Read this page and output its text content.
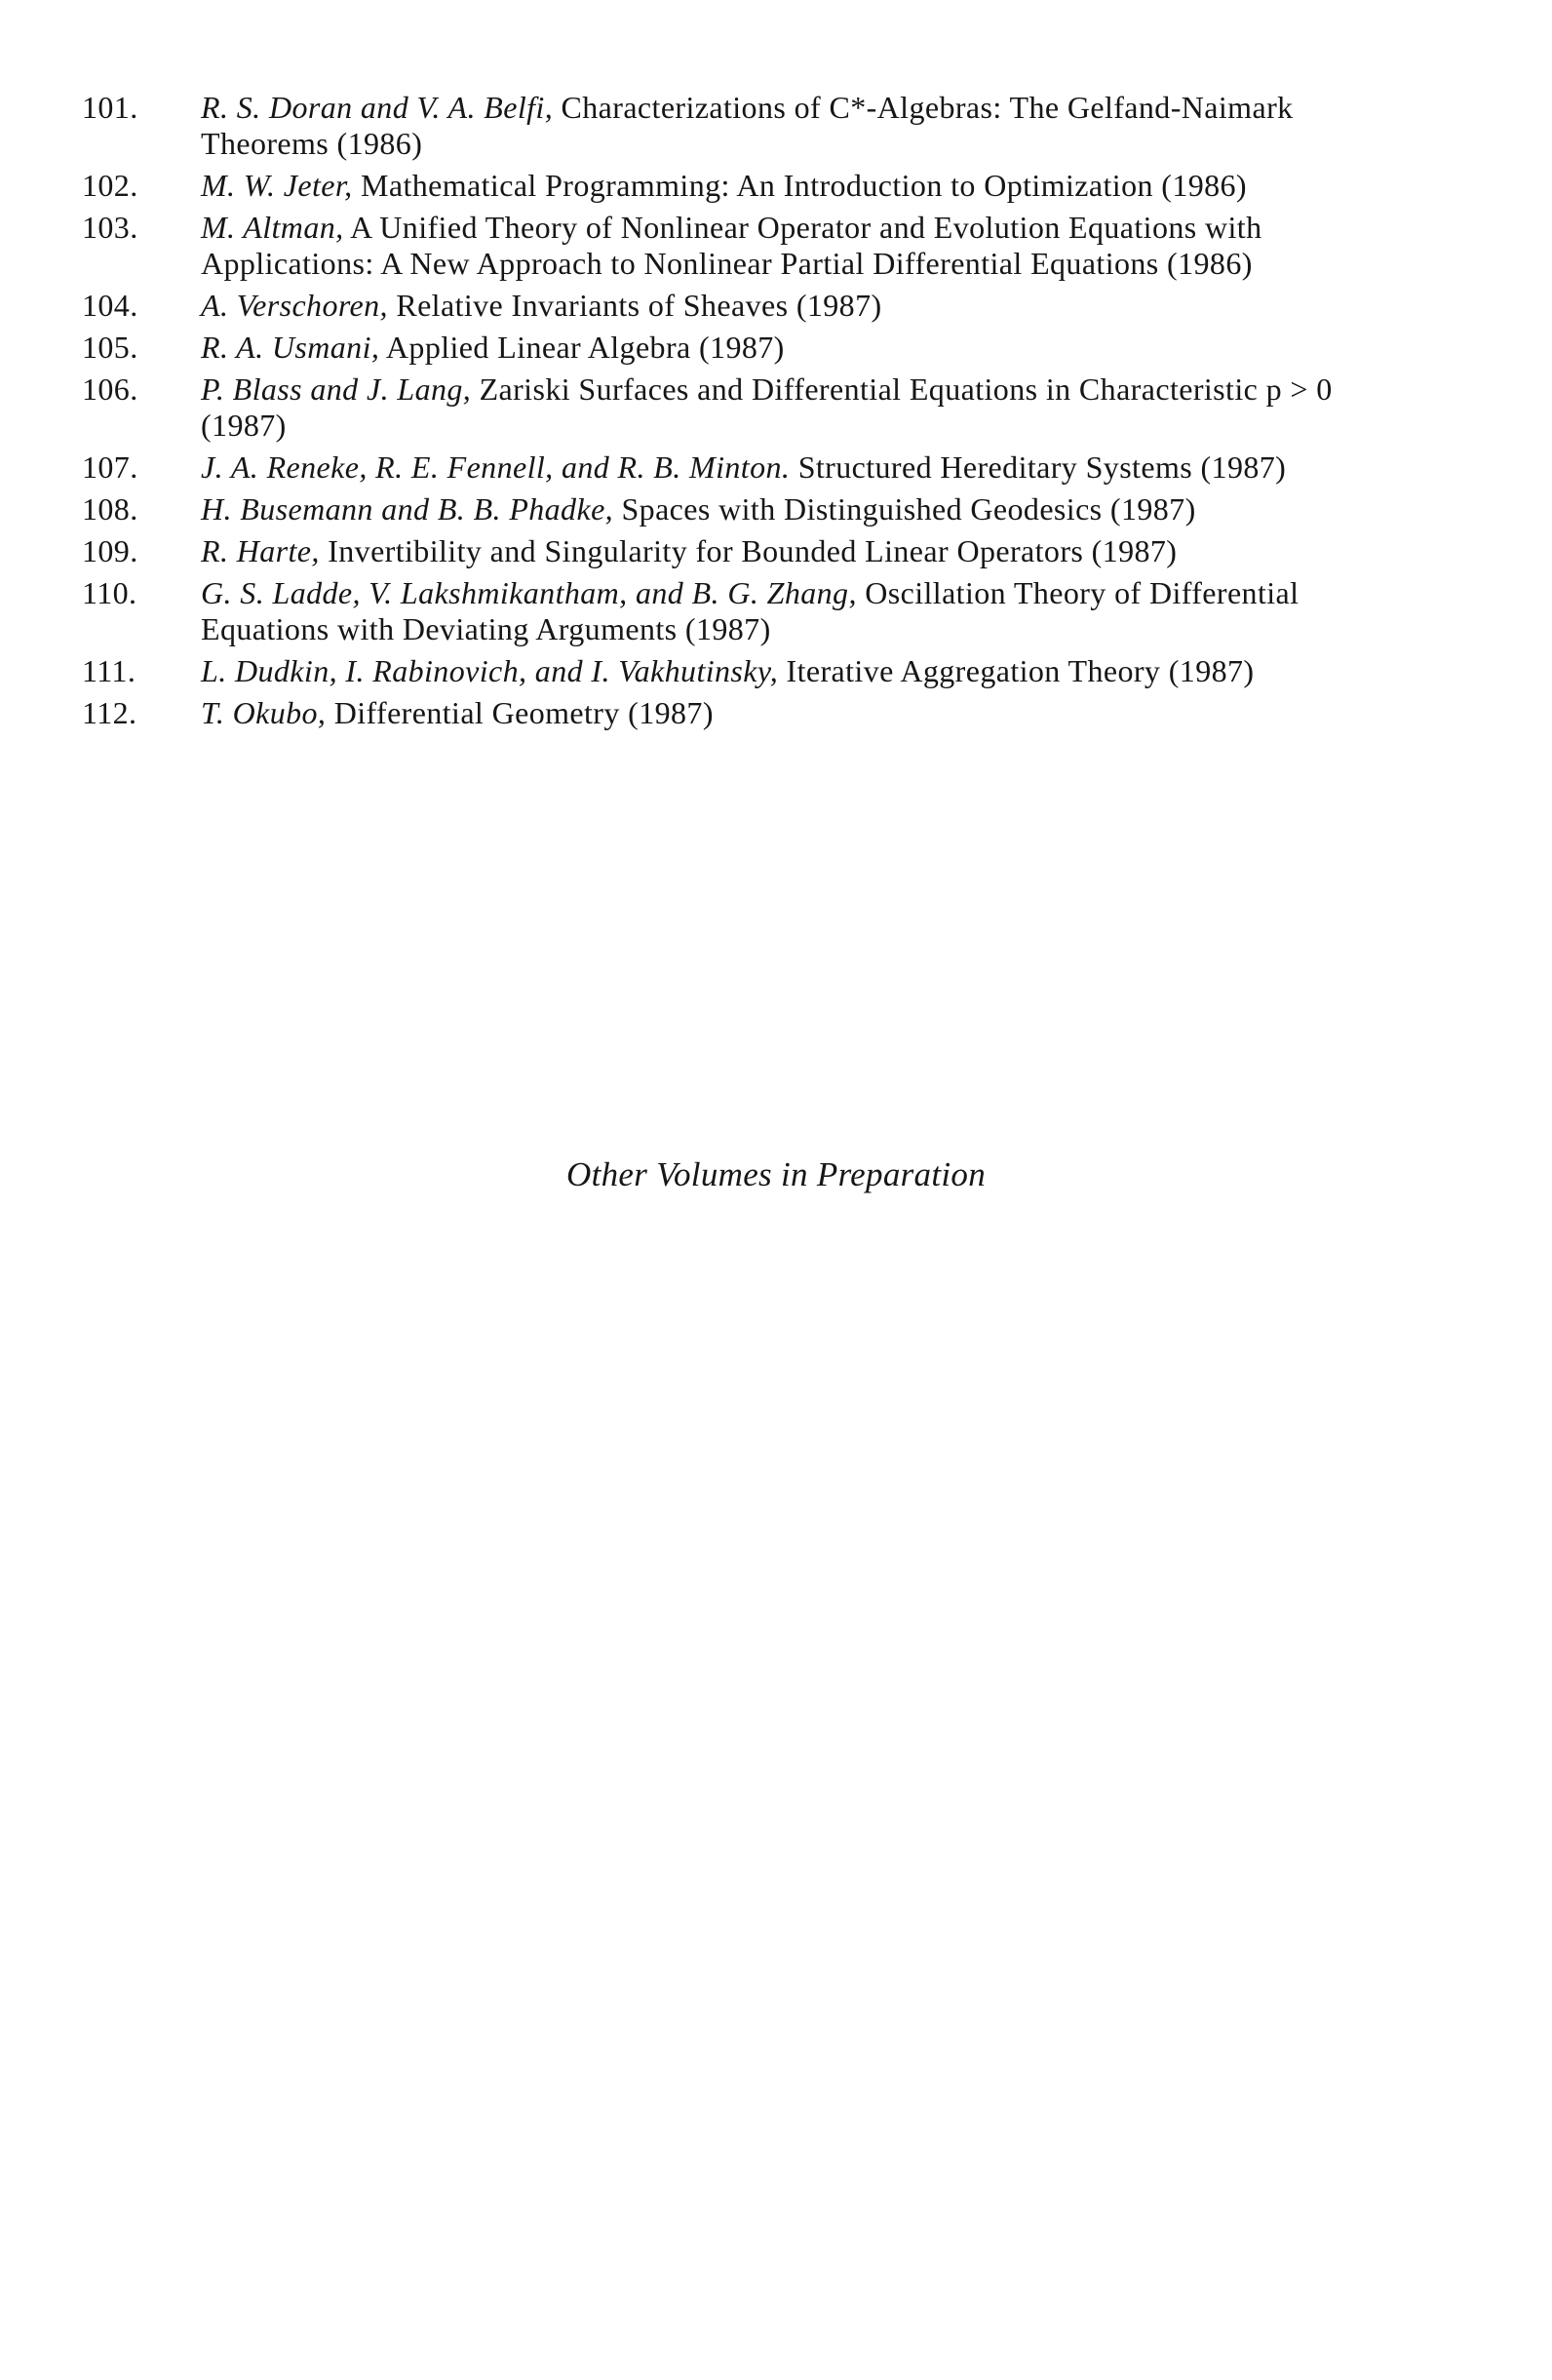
101.	R. S. Doran and V. A. Belfi, Characterizations of C*-Algebras: The Gelfand-Naimark Theorems (1986)
102.	M. W. Jeter, Mathematical Programming: An Introduction to Optimization (1986)
103.	M. Altman, A Unified Theory of Nonlinear Operator and Evolution Equations with Applications: A New Approach to Nonlinear Partial Differential Equations (1986)
104.	A. Verschoren, Relative Invariants of Sheaves (1987)
105.	R. A. Usmani, Applied Linear Algebra (1987)
106.	P. Blass and J. Lang, Zariski Surfaces and Differential Equations in Characteristic p > 0 (1987)
107.	J. A. Reneke, R. E. Fennell, and R. B. Minton. Structured Hereditary Systems (1987)
108.	H. Busemann and B. B. Phadke, Spaces with Distinguished Geodesics (1987)
109.	R. Harte, Invertibility and Singularity for Bounded Linear Operators (1987)
110.	G. S. Ladde, V. Lakshmikantham, and B. G. Zhang, Oscillation Theory of Differential Equations with Deviating Arguments (1987)
111.	L. Dudkin, I. Rabinovich, and I. Vakhutinsky, Iterative Aggregation Theory (1987)
112.	T. Okubo, Differential Geometry (1987)
Other Volumes in Preparation
